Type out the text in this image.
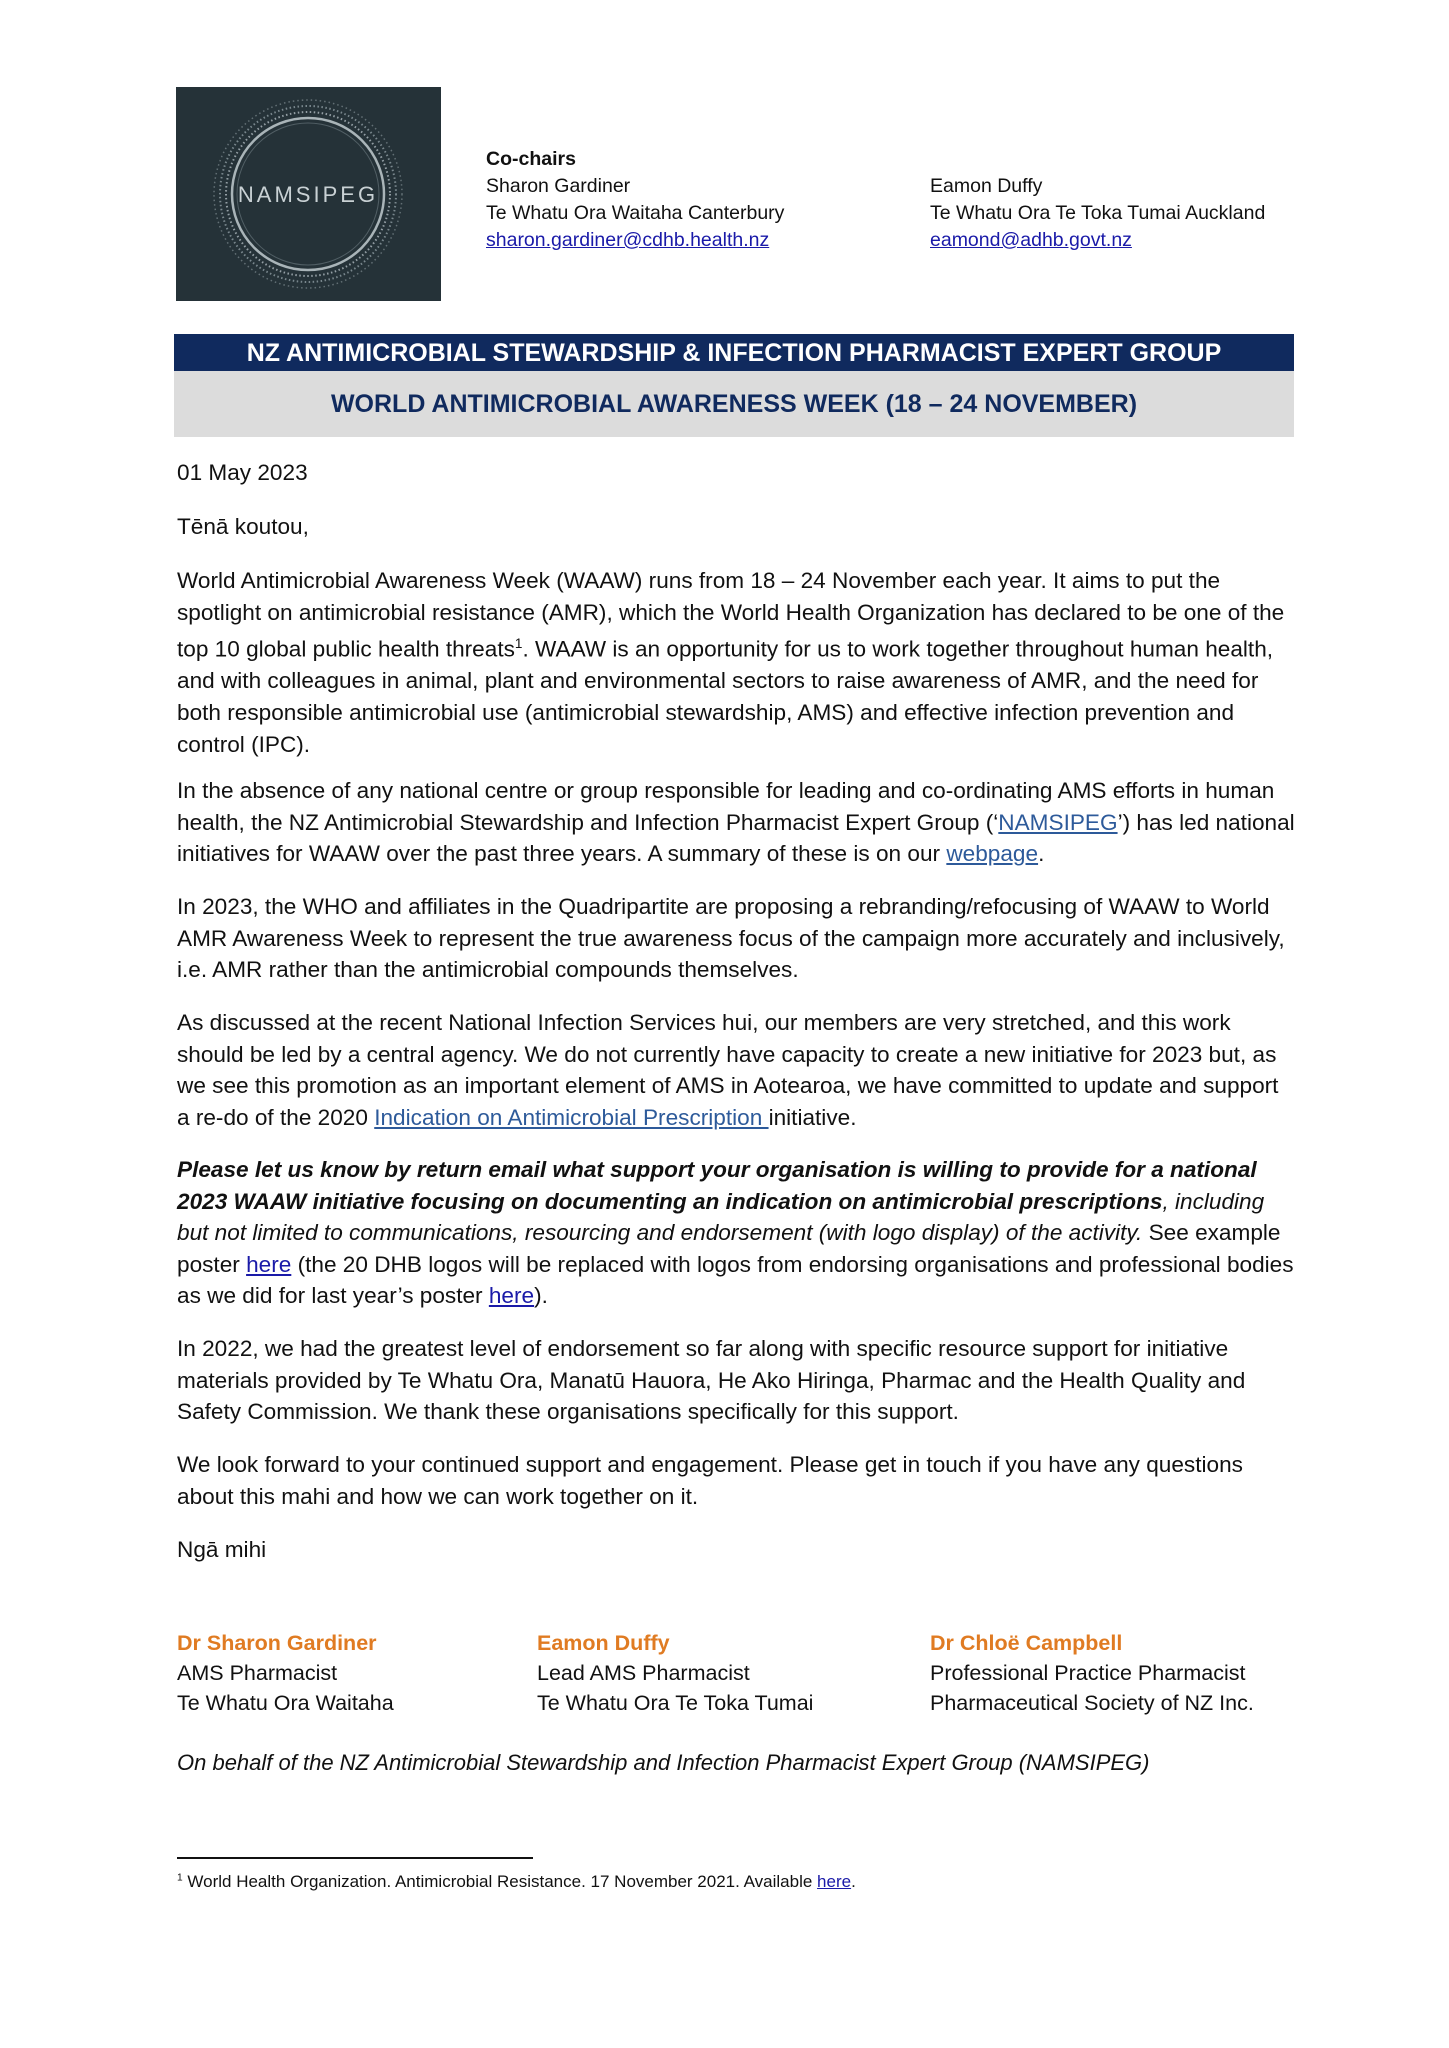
NAMSIPEG
Co-chairs
Sharon Gardiner
Te Whatu Ora Waitaha Canterbury
sharon.gardiner@cdhb.health.nz
Eamon Duffy
Te Whatu Ora Te Toka Tumai Auckland
eamond@adhb.govt.nz
NZ ANTIMICROBIAL STEWARDSHIP & INFECTION PHARMACIST EXPERT GROUP
WORLD ANTIMICROBIAL AWARENESS WEEK (18 – 24 NOVEMBER)
01 May 2023
Tēnā koutou,

World Antimicrobial Awareness Week (WAAW) runs from 18 – 24 November each year. It aims to put the spotlight on antimicrobial resistance (AMR), which the World Health Organization has declared to be one of the top 10 global public health threats$^1$. WAAW is an opportunity for us to work together throughout human health, and with colleagues in animal, plant and environmental sectors to raise awareness of AMR, and the need for both responsible antimicrobial use (antimicrobial stewardship, AMS) and effective infection prevention and control (IPC).

In the absence of any national centre or group responsible for leading and co-ordinating AMS efforts in human health, the NZ Antimicrobial Stewardship and Infection Pharmacist Expert Group (‘NAMSIPEG’) has led national initiatives for WAAW over the past three years. A summary of these is on our webpage.

In 2023, the WHO and affiliates in the Quadripartite are proposing a rebranding/refocusing of WAAW to World AMR Awareness Week to represent the true awareness focus of the campaign more accurately and inclusively, i.e. AMR rather than the antimicrobial compounds themselves.

As discussed at the recent National Infection Services hui, our members are very stretched, and this work should be led by a central agency. We do not currently have capacity to create a new initiative for 2023 but, as we see this promotion as an important element of AMS in Aotearoa, we have committed to update and support a re-do of the 2020 Indication on Antimicrobial Prescription initiative.

Please let us know by return email what support your organisation is willing to provide for a national 2023 WAAW initiative focusing on documenting an indication on antimicrobial prescriptions, including but not limited to communications, resourcing and endorsement (with logo display) of the activity. See example poster here (the 20 DHB logos will be replaced with logos from endorsing organisations and professional bodies as we did for last year’s poster here).

In 2022, we had the greatest level of endorsement so far along with specific resource support for initiative materials provided by Te Whatu Ora, Manatū Hauora, He Ako Hiringa, Pharmac and the Health Quality and Safety Commission. We thank these organisations specifically for this support.

We look forward to your continued support and engagement. Please get in touch if you have any questions about this mahi and how we can work together on it.

Ngā mihi
Dr Sharon Gardiner
AMS Pharmacist
Te Whatu Ora Waitaha
Eamon Duffy
Lead AMS Pharmacist
Te Whatu Ora Te Toka Tumai
Dr Chloë Campbell
Professional Practice Pharmacist
Pharmaceutical Society of NZ Inc.
On behalf of the NZ Antimicrobial Stewardship and Infection Pharmacist Expert Group (NAMSIPEG)
$^1$ World Health Organization. Antimicrobial Resistance. 17 November 2021. Available here.
